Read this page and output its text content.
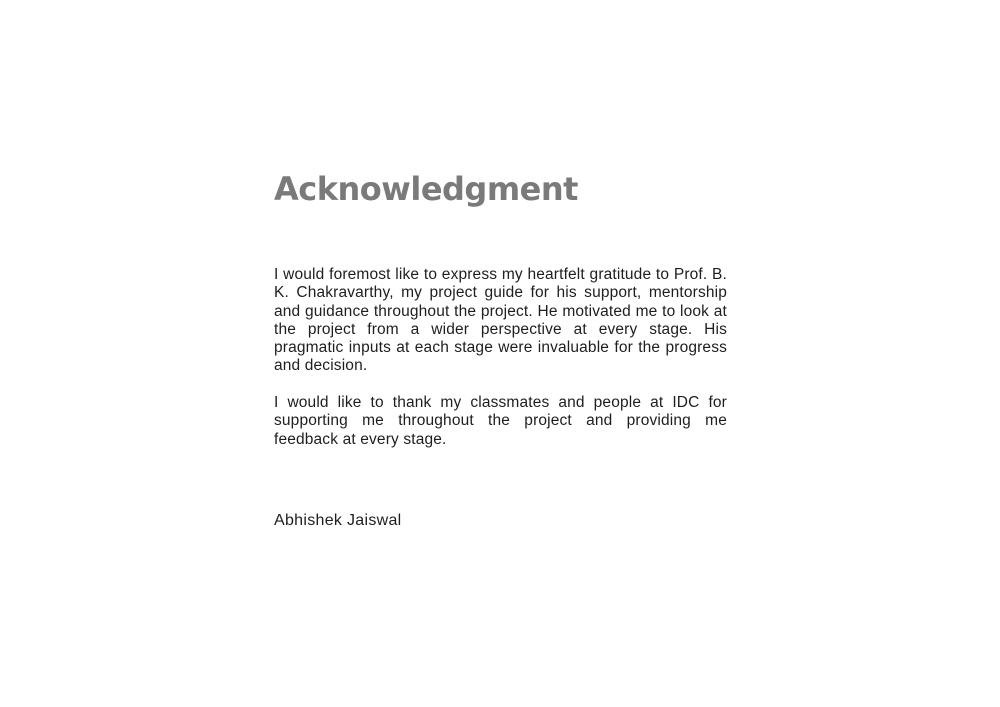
Acknowledgment

I would foremost like to express my heartfelt gratitude to Prof. B. K. Chakravarthy, my project guide for his support, mentorship and guidance throughout the project. He motivated me to look at the project from a wider perspective at every stage. His pragmatic inputs at each stage were invaluable for the progress and decision.

I would like to thank my classmates and people at IDC for supporting me throughout the project and providing me feedback at every stage.

Abhishek Jaiswal
